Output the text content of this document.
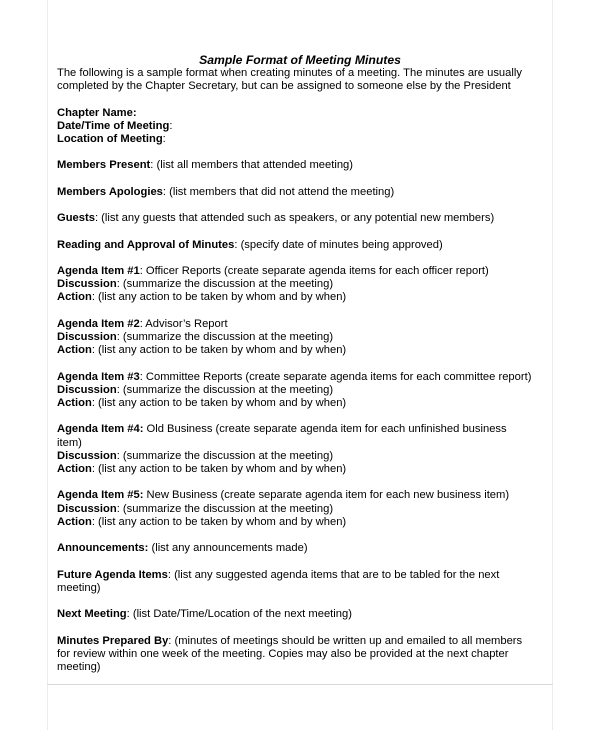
Sample Format of Meeting Minutes
The following is a sample format when creating minutes of a meeting. The minutes are usually
completed by the Chapter Secretary, but can be assigned to someone else by the President
Chapter Name:
Date/Time of Meeting:
Location of Meeting:
Members Present: (list all members that attended meeting)
Members Apologies: (list members that did not attend the meeting)
Guests: (list any guests that attended such as speakers, or any potential new members)
Reading and Approval of Minutes: (specify date of minutes being approved)
Agenda Item #1: Officer Reports (create separate agenda items for each officer report)
Discussion: (summarize the discussion at the meeting)
Action: (list any action to be taken by whom and by when)
Agenda Item #2: Advisor’s Report
Discussion: (summarize the discussion at the meeting)
Action: (list any action to be taken by whom and by when)
Agenda Item #3: Committee Reports (create separate agenda items for each committee report)
Discussion: (summarize the discussion at the meeting)
Action: (list any action to be taken by whom and by when)
Agenda Item #4: Old Business (create separate agenda item for each unfinished business
item)
Discussion: (summarize the discussion at the meeting)
Action: (list any action to be taken by whom and by when)
Agenda Item #5: New Business (create separate agenda item for each new business item)
Discussion: (summarize the discussion at the meeting)
Action: (list any action to be taken by whom and by when)
Announcements: (list any announcements made)
Future Agenda Items: (list any suggested agenda items that are to be tabled for the next
meeting)
Next Meeting: (list Date/Time/Location of the next meeting)
Minutes Prepared By: (minutes of meetings should be written up and emailed to all members
for review within one week of the meeting. Copies may also be provided at the next chapter
meeting)
